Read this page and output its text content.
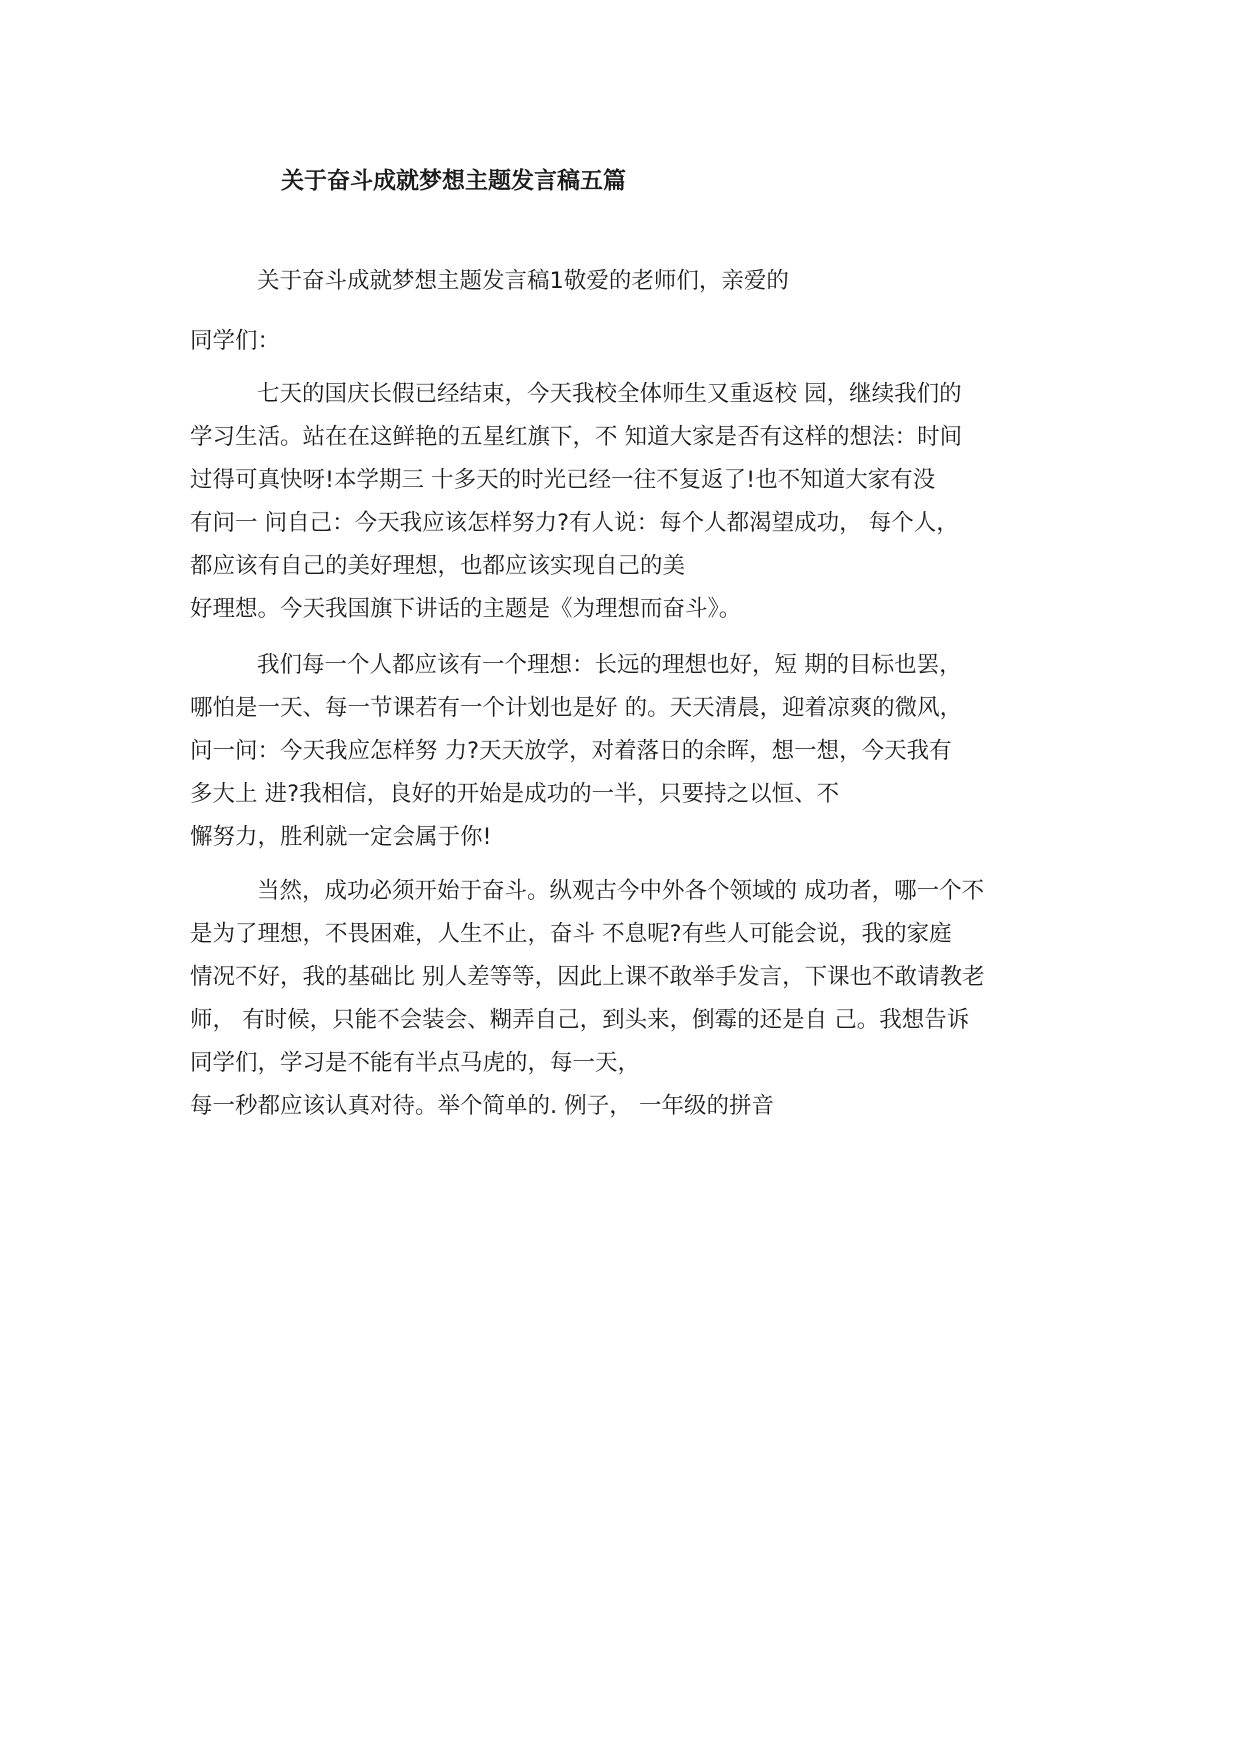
关于奋斗成就梦想主题发言稿五篇
关于奋斗成就梦想主题发言稿1敬爱的老师们，亲爱的
同学们：
七天的国庆长假已经结束，今天我校全体师生又重返校 园，继续我们的
学习生活。站在在这鲜艳的五星红旗下，不 知道大家是否有这样的想法：时间
过得可真快呀!本学期三 十多天的时光已经一往不复返了!也不知道大家有没
有问一 问自己：今天我应该怎样努力?有人说：每个人都渴望成功， 每个人，
都应该有自己的美好理想，也都应该实现自己的美
好理想。今天我国旗下讲话的主题是《为理想而奋斗》。
我们每一个人都应该有一个理想：长远的理想也好，短 期的目标也罢，
哪怕是一天、每一节课若有一个计划也是好 的。天天清晨，迎着凉爽的微风，
问一问：今天我应怎样努 力?天天放学，对着落日的余晖，想一想，今天我有
多大上 进?我相信，良好的开始是成功的一半，只要持之以恒、不
懈努力，胜利就一定会属于你!
当然，成功必须开始于奋斗。纵观古今中外各个领域的 成功者，哪一个不
是为了理想，不畏困难，人生不止，奋斗 不息呢?有些人可能会说，我的家庭
情况不好，我的基础比 别人差等等，因此上课不敢举手发言，下课也不敢请教老
师， 有时候，只能不会装会、糊弄自己，到头来，倒霉的还是自 己。我想告诉
同学们，学习是不能有半点马虎的，每一天，
每一秒都应该认真对待。举个简单的. 例子， 一年级的拼音
